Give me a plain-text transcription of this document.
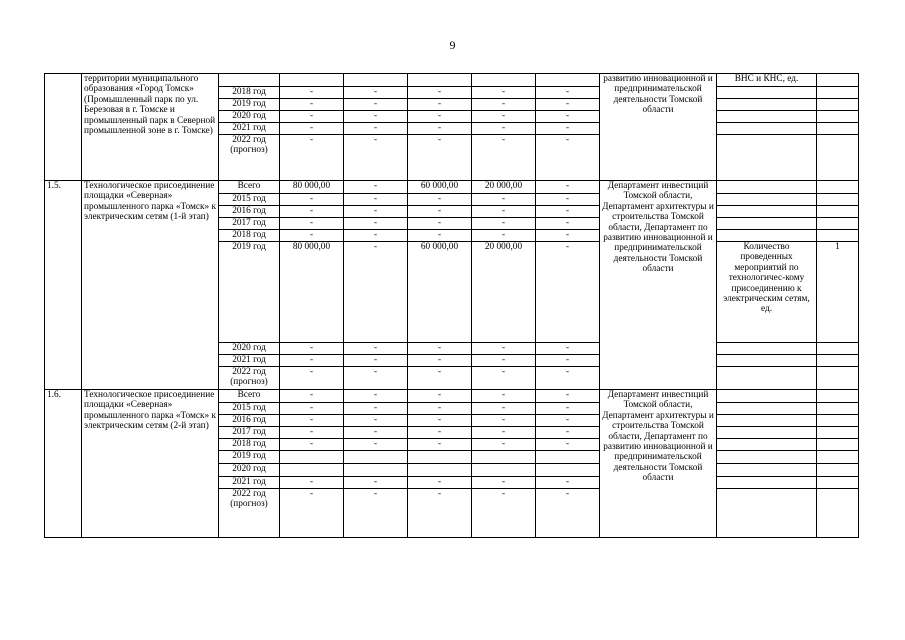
9
	территории муниципального образования «Город Томск» (Промышленный парк по ул. Березовая в г. Томске и промышленный парк в Северной промышленной зоне в г. Томске)							развитию инновационной и предпринимательской деятельности Томской области	ВНС и КНС, ед.	
		2018 год	-	-	-	-	-			
		2019 год	-	-	-	-	-			
		2020 год	-	-	-	-	-			
		2021 год	-	-	-	-	-			
		2022 год (прогноз)	-	-	-	-	-			
1.5.	Технологическое присоединение площадки «Северная» промышленного парка «Томск» к электрическим сетям (1-й этап)	Всего	80 000,00	-	60 000,00	20 000,00	-	Департамент инвестиций Томской области, Департамент архитектуры и строительства Томской области, Департамент по развитию инновационной и предпринимательской деятельности Томской области		
		2015 год	-	-	-	-	-			
		2016 год	-	-	-	-	-			
		2017 год	-	-	-	-	-			
		2018 год	-	-	-	-	-			
		2019 год	80 000,00	-	60 000,00	20 000,00	-		Количество проведенных мероприятий по технологичес-кому присоединению к электрическим сетям, ед.	1
		2020 год	-	-	-	-	-			
		2021 год	-	-	-	-	-			
		2022 год (прогноз)	-	-	-	-	-			
1.6.	Технологическое присоединение площадки «Северная» промышленного парка «Томск» к электрическим сетям (2-й этап)	Всего	-	-	-	-	-	Департамент инвестиций Томской области, Департамент архитектуры и строительства Томской области, Департамент по развитию инновационной и предпринимательской деятельности Томской области		
		2015 год	-	-	-	-	-			
		2016 год	-	-	-	-	-			
		2017 год	-	-	-	-	-			
		2018 год	-	-	-	-	-			
		2019 год								
		2020 год								
		2021 год	-	-	-	-	-			
		2022 год (прогноз)	-	-	-	-	-			
